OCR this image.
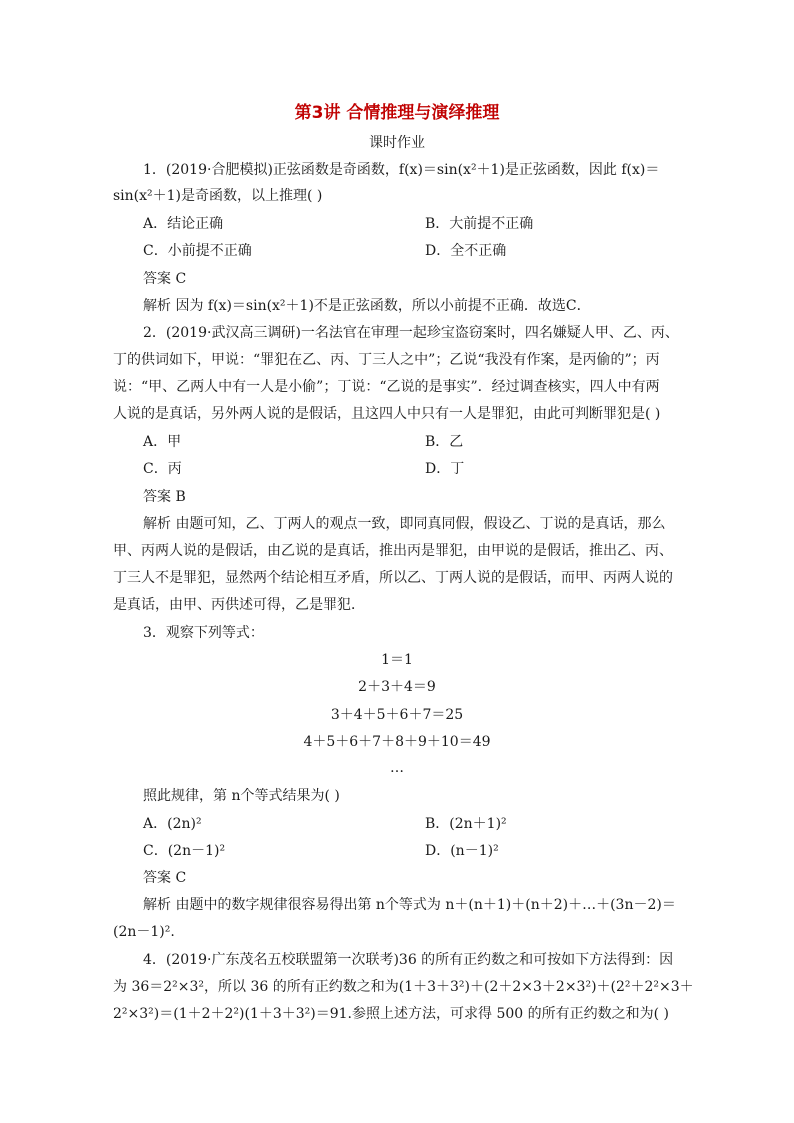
第3讲 合情推理与演绎推理
课时作业
1．(2019·合肥模拟)正弦函数是奇函数，f(x)＝sin(x²＋1)是正弦函数，因此 f(x)＝
sin(x²＋1)是奇函数，以上推理( )
A．结论正确	B．大前提不正确
C．小前提不正确	D．全不正确
答案 C
解析 因为 f(x)＝sin(x²＋1)不是正弦函数，所以小前提不正确．故选C．
2．(2019·武汉高三调研)一名法官在审理一起珍宝盗窃案时，四名嫌疑人甲、乙、丙、
丁的供词如下，甲说：“罪犯在乙、丙、丁三人之中”；乙说“我没有作案，是丙偷的”；丙
说：“甲、乙两人中有一人是小偷”；丁说：“乙说的是事实”．经过调查核实，四人中有两
人说的是真话，另外两人说的是假话，且这四人中只有一人是罪犯，由此可判断罪犯是( )
A．甲	B．乙
C．丙	D．丁
答案 B
解析 由题可知，乙、丁两人的观点一致，即同真同假，假设乙、丁说的是真话，那么
甲、丙两人说的是假话，由乙说的是真话，推出丙是罪犯，由甲说的是假话，推出乙、丙、
丁三人不是罪犯，显然两个结论相互矛盾，所以乙、丁两人说的是假话，而甲、丙两人说的
是真话，由甲、丙供述可得，乙是罪犯．
3．观察下列等式：
1＝1
2＋3＋4＝9
3＋4＋5＋6＋7＝25
4＋5＋6＋7＋8＋9＋10＝49
…
照此规律，第 n个等式结果为( )
A．(2n)²	B．(2n＋1)²
C．(2n－1)²	D．(n－1)²
答案 C
解析 由题中的数字规律很容易得出第 n个等式为 n＋(n＋1)＋(n＋2)＋…＋(3n－2)＝
(2n－1)².
4．(2019·广东茂名五校联盟第一次联考)36 的所有正约数之和可按如下方法得到：因
为 36＝2²×3²，所以 36 的所有正约数之和为(1＋3＋3²)＋(2＋2×3＋2×3²)＋(2²＋2²×3＋
2²×3²)＝(1＋2＋2²)(1＋3＋3²)＝91.参照上述方法，可求得 500 的所有正约数之和为( )
